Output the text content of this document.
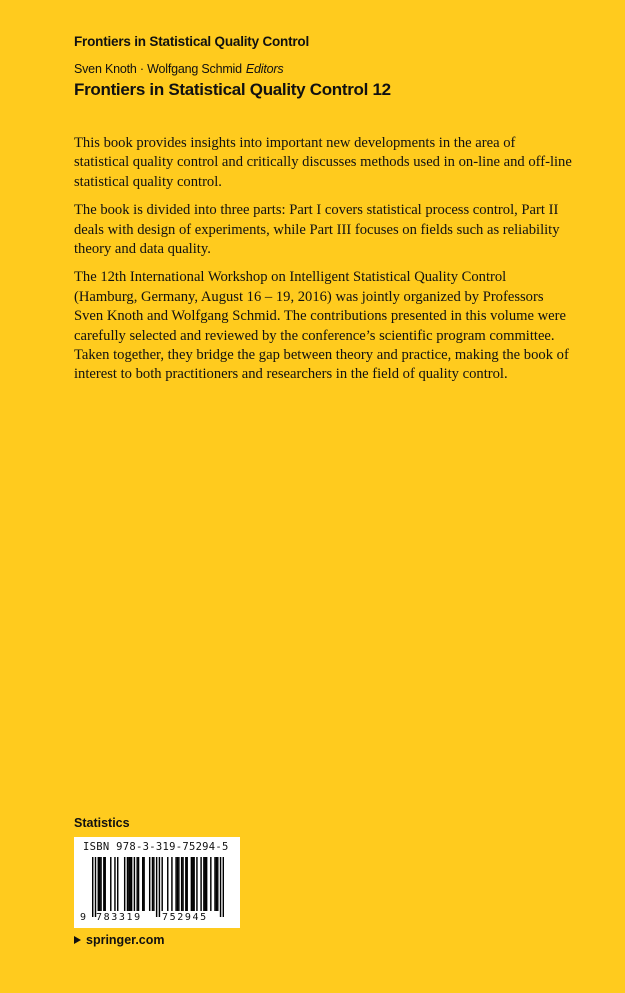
Frontiers in Statistical Quality Control
Sven Knoth · Wolfgang Schmid Editors
Frontiers in Statistical Quality Control 12

This book provides insights into important new developments in the area of statistical quality control and critically discusses methods used in on-line and off-line statistical quality control.

The book is divided into three parts: Part I covers statistical process control, Part II deals with design of experiments, while Part III focuses on fields such as reliability theory and data quality.

The 12th International Workshop on Intelligent Statistical Quality Control (Hamburg, Germany, August 16 – 19, 2016) was jointly organized by Professors Sven Knoth and Wolfgang Schmid. The contributions presented in this volume were carefully selected and reviewed by the conference’s scientific program committee. Taken together, they bridge the gap between theory and practice, making the book of interest to both practitioners and researchers in the field of quality control.

Statistics
ISBN 978-3-319-75294-5
9 783319 752945
springer.com
